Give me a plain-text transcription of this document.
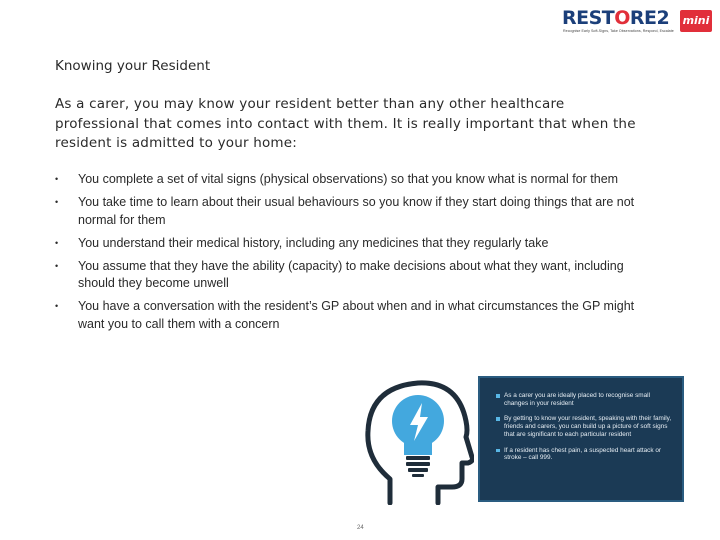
RESTORE2
Recognise Early Soft-Signs, Take Observations, Respond, Escalate
mini
Knowing your Resident
As a carer, you may know your resident better than any other healthcare professional that comes into contact with them. It is really important that when the resident is admitted to your home:
• You complete a set of vital signs (physical observations) so that you know what is normal for them
• You take time to learn about their usual behaviours so you know if they start doing things that are not normal for them
• You understand their medical history, including any medicines that they regularly take
• You assume that they have the ability (capacity) to make decisions about what they want, including should they become unwell
• You have a conversation with the resident’s GP about when and in what circumstances the GP might want you to call them with a concern
As a carer you are ideally placed to recognise small changes in your resident
By getting to know your resident, speaking with their family, friends and carers, you can build up a picture of soft signs that are significant to each particular resident
If a resident has chest pain, a suspected heart attack or stroke – call 999.
24
